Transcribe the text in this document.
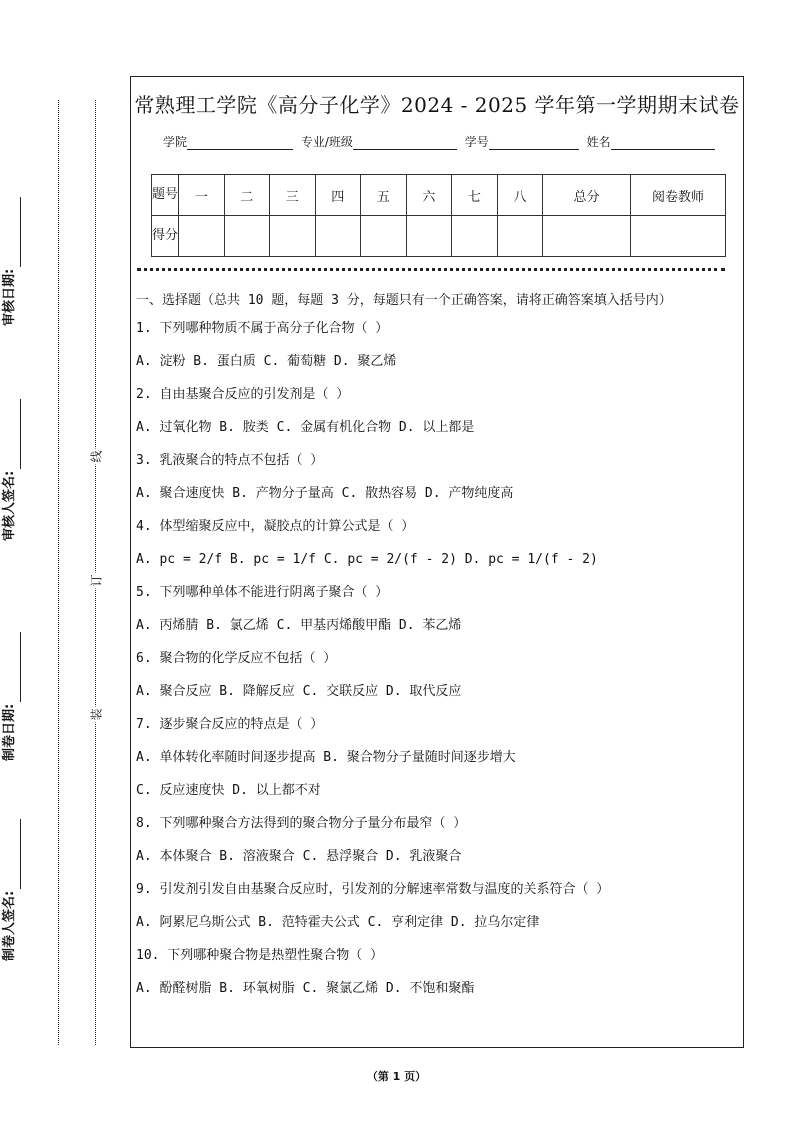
审核日期:
审核人签名:
制卷日期:
制卷人签名:
线
订
装
常熟理工学院《高分子化学》2024 - 2025 学年第一学期期末试卷
学院	专业/班级	学号	姓名
题号	一	二	三	四	五	六	七	八	总分	阅卷教师
得分										
一、选择题（总共 10 题，每题 3 分，每题只有一个正确答案，请将正确答案填入括号内）
1. 下列哪种物质不属于高分子化合物（ ）
A. 淀粉 B. 蛋白质 C. 葡萄糖 D. 聚乙烯
2. 自由基聚合反应的引发剂是（ ）
A. 过氧化物 B. 胺类 C. 金属有机化合物 D. 以上都是
3. 乳液聚合的特点不包括（ ）
A. 聚合速度快 B. 产物分子量高 C. 散热容易 D. 产物纯度高
4. 体型缩聚反应中，凝胶点的计算公式是（ ）
A. pc = 2/f B. pc = 1/f C. pc = 2/(f - 2) D. pc = 1/(f - 2)
5. 下列哪种单体不能进行阴离子聚合（ ）
A. 丙烯腈 B. 氯乙烯 C. 甲基丙烯酸甲酯 D. 苯乙烯
6. 聚合物的化学反应不包括（ ）
A. 聚合反应 B. 降解反应 C. 交联反应 D. 取代反应
7. 逐步聚合反应的特点是（ ）
A. 单体转化率随时间逐步提高 B. 聚合物分子量随时间逐步增大
C. 反应速度快 D. 以上都不对
8. 下列哪种聚合方法得到的聚合物分子量分布最窄（ ）
A. 本体聚合 B. 溶液聚合 C. 悬浮聚合 D. 乳液聚合
9. 引发剂引发自由基聚合反应时，引发剂的分解速率常数与温度的关系符合（ ）
A. 阿累尼乌斯公式 B. 范特霍夫公式 C. 亨利定律 D. 拉乌尔定律
10. 下列哪种聚合物是热塑性聚合物（ ）
A. 酚醛树脂 B. 环氧树脂 C. 聚氯乙烯 D. 不饱和聚酯
（第 1 页）
